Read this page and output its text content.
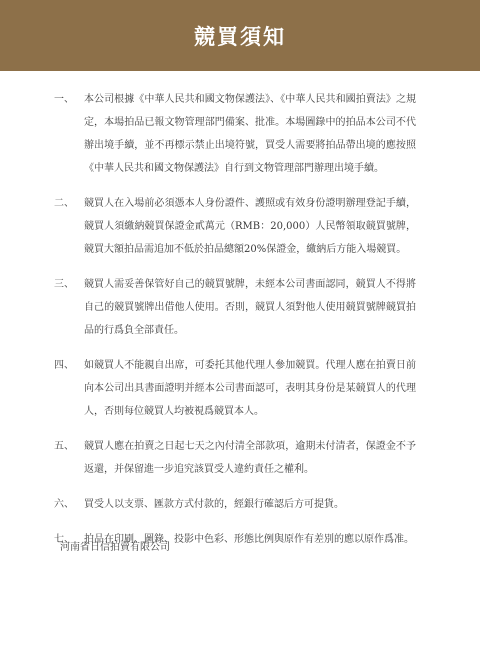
競買須知
一、	本公司根據《中華人民共和國文物保護法》、《中華人民共和國拍賣法》之規定，本場拍品已報文物管理部門備案、批准。本場圖錄中的拍品本公司不代辦出境手續，並不再標示禁止出境符號，買受人需要將拍品帶出境的應按照《中華人民共和國文物保護法》自行到文物管理部門辦理出境手續。
二、	競買人在入場前必須憑本人身份證件、護照或有效身份證明辦理登記手續，競買人須繳納競買保證金貳萬元（RMB：20,000）人民幣領取競買號牌，競買大額拍品需追加不低於拍品總額20%保證金，繳納后方能入場競買。
三、	競買人需妥善保管好自己的競買號牌，未經本公司書面認同，競買人不得將自己的競買號牌出借他人使用。否則，競買人須對他人使用競買號牌競買拍品的行爲負全部責任。
四、	如競買人不能親自出席，可委托其他代理人參加競買。代理人應在拍賣日前向本公司出具書面證明并經本公司書面認可，表明其身份是某競買人的代理人，否則每位競買人均被視爲競買本人。
五、	競買人應在拍賣之日起七天之內付清全部款項，逾期未付清者，保證金不予返還，并保留進一步追究該買受人違約責任之權利。
六、	買受人以支票、匯款方式付款的，經銀行確認后方可提貨。
七、	拍品在印刷、圖錄、投影中色彩、形態比例與原作有差別的應以原作爲准。
河南省日信拍賣有限公司
